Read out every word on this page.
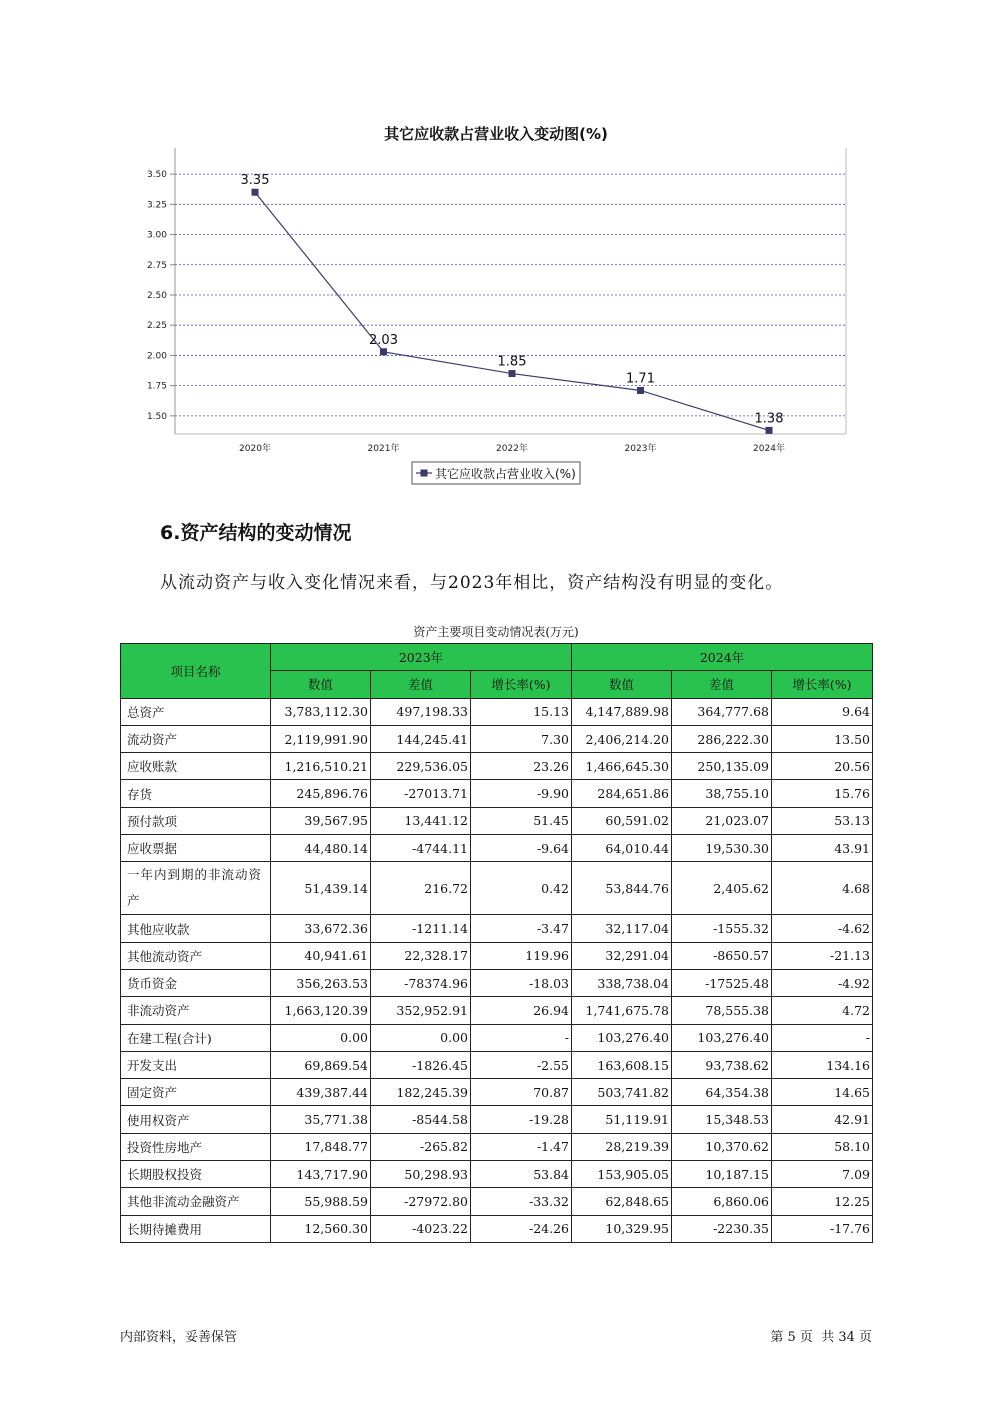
其它应收款占营业收入变动图(%)
3.50
3.25
3.00
2.75
2.50
2.25
2.00
1.75
1.50
2020年	2021年	2022年	2023年	2024年
3.35
2.03
1.85
1.71
1.38
其它应收款占营业收入(%)
6.资产结构的变动情况
从流动资产与收入变化情况来看，与2023年相比，资产结构没有明显的变化。
资产主要项目变动情况表(万元)
项目名称	2023年			2024年		
	数值	差值	增长率(%)	数值	差值	增长率(%)
总资产	3,783,112.30	497,198.33	15.13	4,147,889.98	364,777.68	9.64
流动资产	2,119,991.90	144,245.41	7.30	2,406,214.20	286,222.30	13.50
应收账款	1,216,510.21	229,536.05	23.26	1,466,645.30	250,135.09	20.56
存货	245,896.76	-27013.71	-9.90	284,651.86	38,755.10	15.76
预付款项	39,567.95	13,441.12	51.45	60,591.02	21,023.07	53.13
应收票据	44,480.14	-4744.11	-9.64	64,010.44	19,530.30	43.91
一年内到期的非流动资产	51,439.14	216.72	0.42	53,844.76	2,405.62	4.68
其他应收款	33,672.36	-1211.14	-3.47	32,117.04	-1555.32	-4.62
其他流动资产	40,941.61	22,328.17	119.96	32,291.04	-8650.57	-21.13
货币资金	356,263.53	-78374.96	-18.03	338,738.04	-17525.48	-4.92
非流动资产	1,663,120.39	352,952.91	26.94	1,741,675.78	78,555.38	4.72
在建工程(合计)	0.00	0.00	-	103,276.40	103,276.40	-
开发支出	69,869.54	-1826.45	-2.55	163,608.15	93,738.62	134.16
固定资产	439,387.44	182,245.39	70.87	503,741.82	64,354.38	14.65
使用权资产	35,771.38	-8544.58	-19.28	51,119.91	15,348.53	42.91
投资性房地产	17,848.77	-265.82	-1.47	28,219.39	10,370.62	58.10
长期股权投资	143,717.90	50,298.93	53.84	153,905.05	10,187.15	7.09
其他非流动金融资产	55,988.59	-27972.80	-33.32	62,848.65	6,860.06	12.25
长期待摊费用	12,560.30	-4023.22	-24.26	10,329.95	-2230.35	-17.76
内部资料，妥善保管	第 5 页  共 34 页
